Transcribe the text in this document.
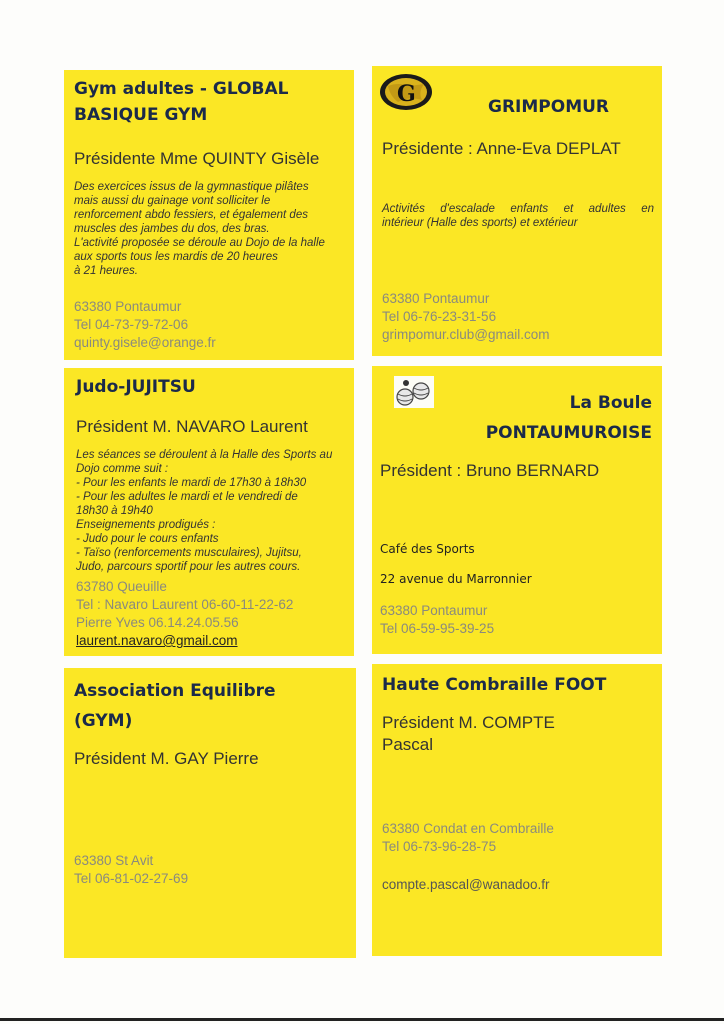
Gym adultes - GLOBAL
BASIQUE GYM

Présidente Mme QUINTY Gisèle

Des exercices issus de la gymnastique pilâtes
mais aussi du gainage vont solliciter le
renforcement abdo fessiers, et également des
muscles des jambes du dos, des bras.
L'activité proposée se déroule au Dojo de la halle
aux sports tous les mardis de 20 heures
à 21 heures.
63380 Pontaumur
Tel 04-73-79-72-06
quinty.gisele@orange.fr
G	GRIMPOMUR

Présidente : Anne-Eva DEPLAT

Activités d'escalade enfants et adultes en
intérieur (Halle des sports) et extérieur
63380 Pontaumur
Tel 06-76-23-31-56
grimpomur.club@gmail.com

Judo-JUJITSU

Président M. NAVARO Laurent

Les séances se déroulent à la Halle des Sports au
Dojo comme suit :
- Pour les enfants le mardi de 17h30 à 18h30
- Pour les adultes le mardi et le vendredi de
18h30 à 19h40
Enseignements prodigués :
- Judo pour le cours enfants
- Taïso (renforcements musculaires), Jujitsu,
Judo, parcours sportif pour les autres cours.
63780 Queuille
Tel : Navaro Laurent 06-60-11-22-62
Pierre Yves 06.14.24.05.56
laurent.navaro@gmail.com

La Boule
PONTAUMUROISE

Président : Bruno BERNARD

Café des Sports

22 avenue du Marronnier

63380 Pontaumur
Tel 06-59-95-39-25

Association Equilibre
(GYM)

Président M. GAY Pierre

63380 St Avit
Tel 06-81-02-27-69

Haute Combraille FOOT

Président M. COMPTE
Pascal

63380 Condat en Combraille
Tel 06-73-96-28-75

compte.pascal@wanadoo.fr
